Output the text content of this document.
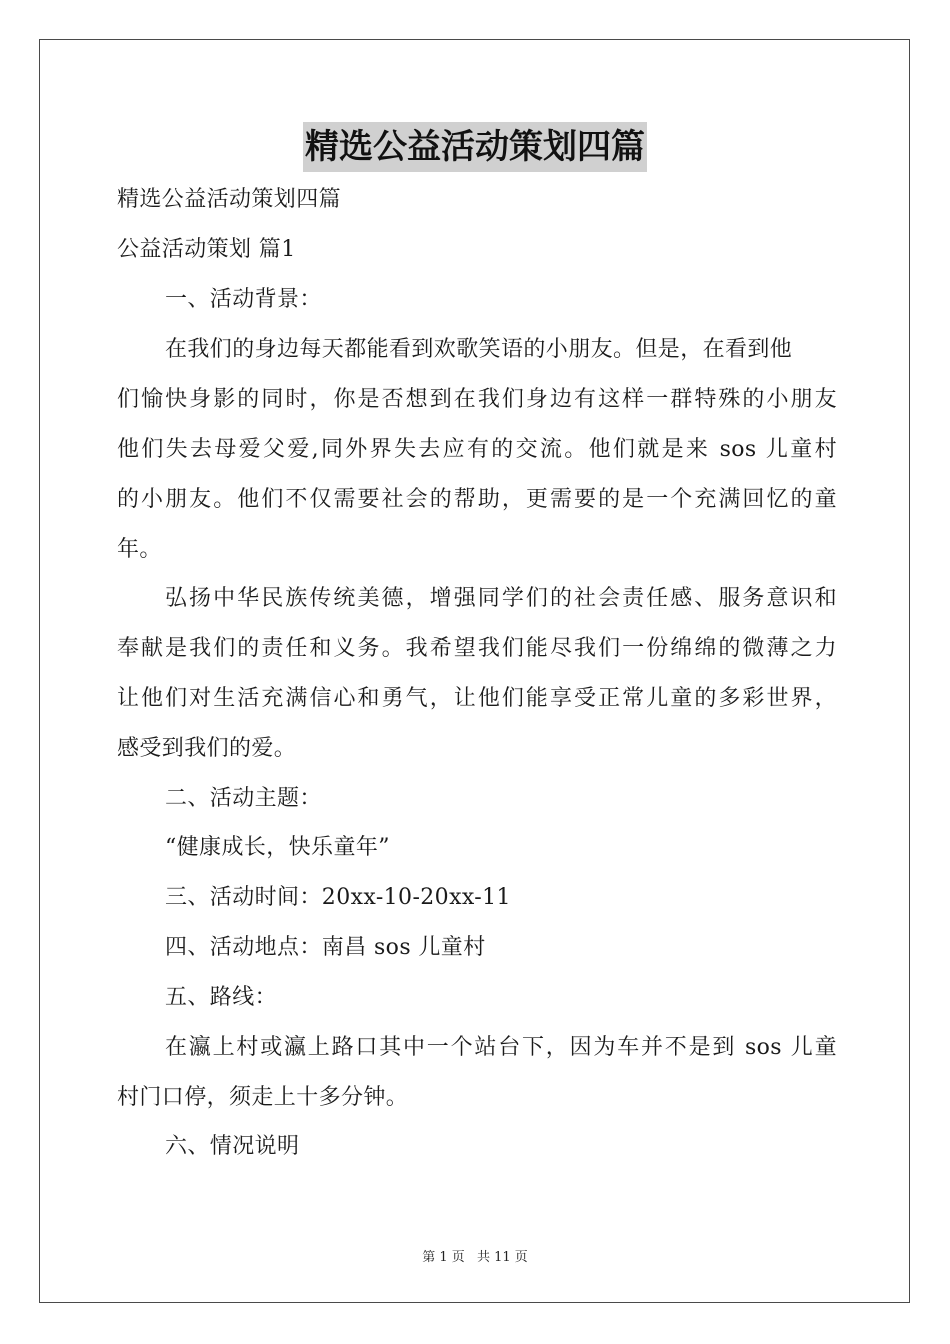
精选公益活动策划四篇
精选公益活动策划四篇
公益活动策划 篇1
一、活动背景：
在我们的身边每天都能看到欢歌笑语的小朋友。但是，在看到他
们愉快身影的同时，你是否想到在我们身边有这样一群特殊的小朋友
他们失去母爱父爱,同外界失去应有的交流。他们就是来 sos 儿童村
的小朋友。他们不仅需要社会的帮助，更需要的是一个充满回忆的童
年。
弘扬中华民族传统美德，增强同学们的社会责任感、服务意识和
奉献是我们的责任和义务。我希望我们能尽我们一份绵绵的微薄之力
让他们对生活充满信心和勇气，让他们能享受正常儿童的多彩世界，
感受到我们的爱。
二、活动主题：
“健康成长，快乐童年”
三、活动时间：20xx-10-20xx-11
四、活动地点：南昌 sos 儿童村
五、路线：
在瀛上村或瀛上路口其中一个站台下，因为车并不是到 sos 儿童
村门口停，须走上十多分钟。
六、情况说明
第 1 页 共 11 页
